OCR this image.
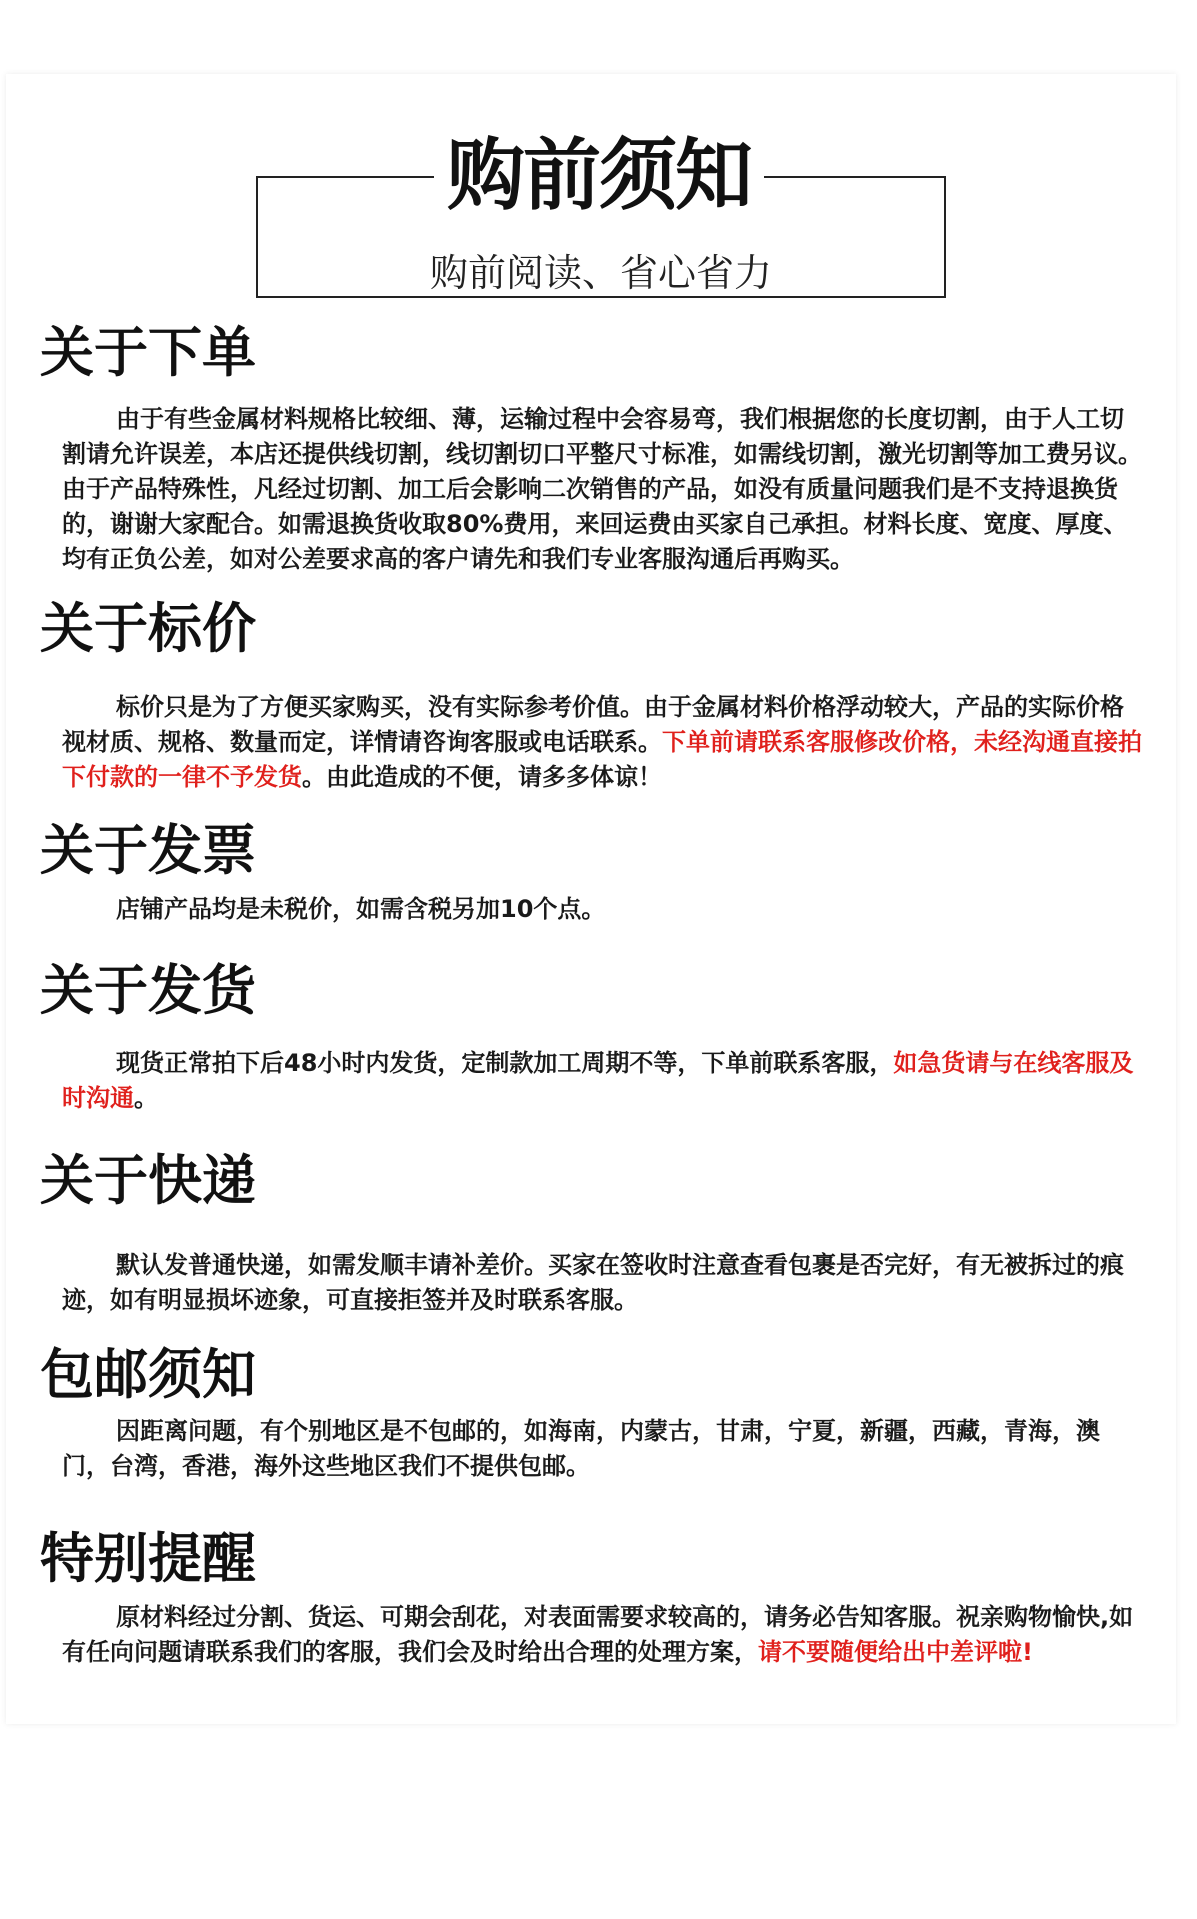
购前须知
购前阅读、省心省力
关于下单

由于有些金属材料规格比较细、薄，运输过程中会容易弯，我们根据您的长度切割，由于人工切割请允许误差，本店还提供线切割，线切割切口平整尺寸标准，如需线切割，激光切割等加工费另议。由于产品特殊性，凡经过切割、加工后会影响二次销售的产品，如没有质量问题我们是不支持退换货的，谢谢大家配合。如需退换货收取80%费用，来回运费由买家自己承担。材料长度、宽度、厚度、均有正负公差，如对公差要求高的客户请先和我们专业客服沟通后再购买。

关于标价

标价只是为了方便买家购买，没有实际参考价值。由于金属材料价格浮动较大，产品的实际价格视材质、规格、数量而定，详情请咨询客服或电话联系。下单前请联系客服修改价格，未经沟通直接拍下付款的一律不予发货。由此造成的不便，请多多体谅！

关于发票

店铺产品均是未税价，如需含税另加10个点。

关于发货

现货正常拍下后48小时内发货，定制款加工周期不等，下单前联系客服，如急货请与在线客服及时沟通。

关于快递

默认发普通快递，如需发顺丰请补差价。买家在签收时注意查看包裹是否完好，有无被拆过的痕迹，如有明显损坏迹象，可直接拒签并及时联系客服。

包邮须知

因距离问题，有个别地区是不包邮的，如海南，内蒙古，甘肃，宁夏，新疆，西藏，青海，澳门，台湾，香港，海外这些地区我们不提供包邮。

特别提醒

原材料经过分割、货运、可期会刮花，对表面需要求较高的，请务必告知客服。祝亲购物愉快,如有任向问题请联系我们的客服，我们会及时给出合理的处理方案，请不要随便给出中差评啦!
